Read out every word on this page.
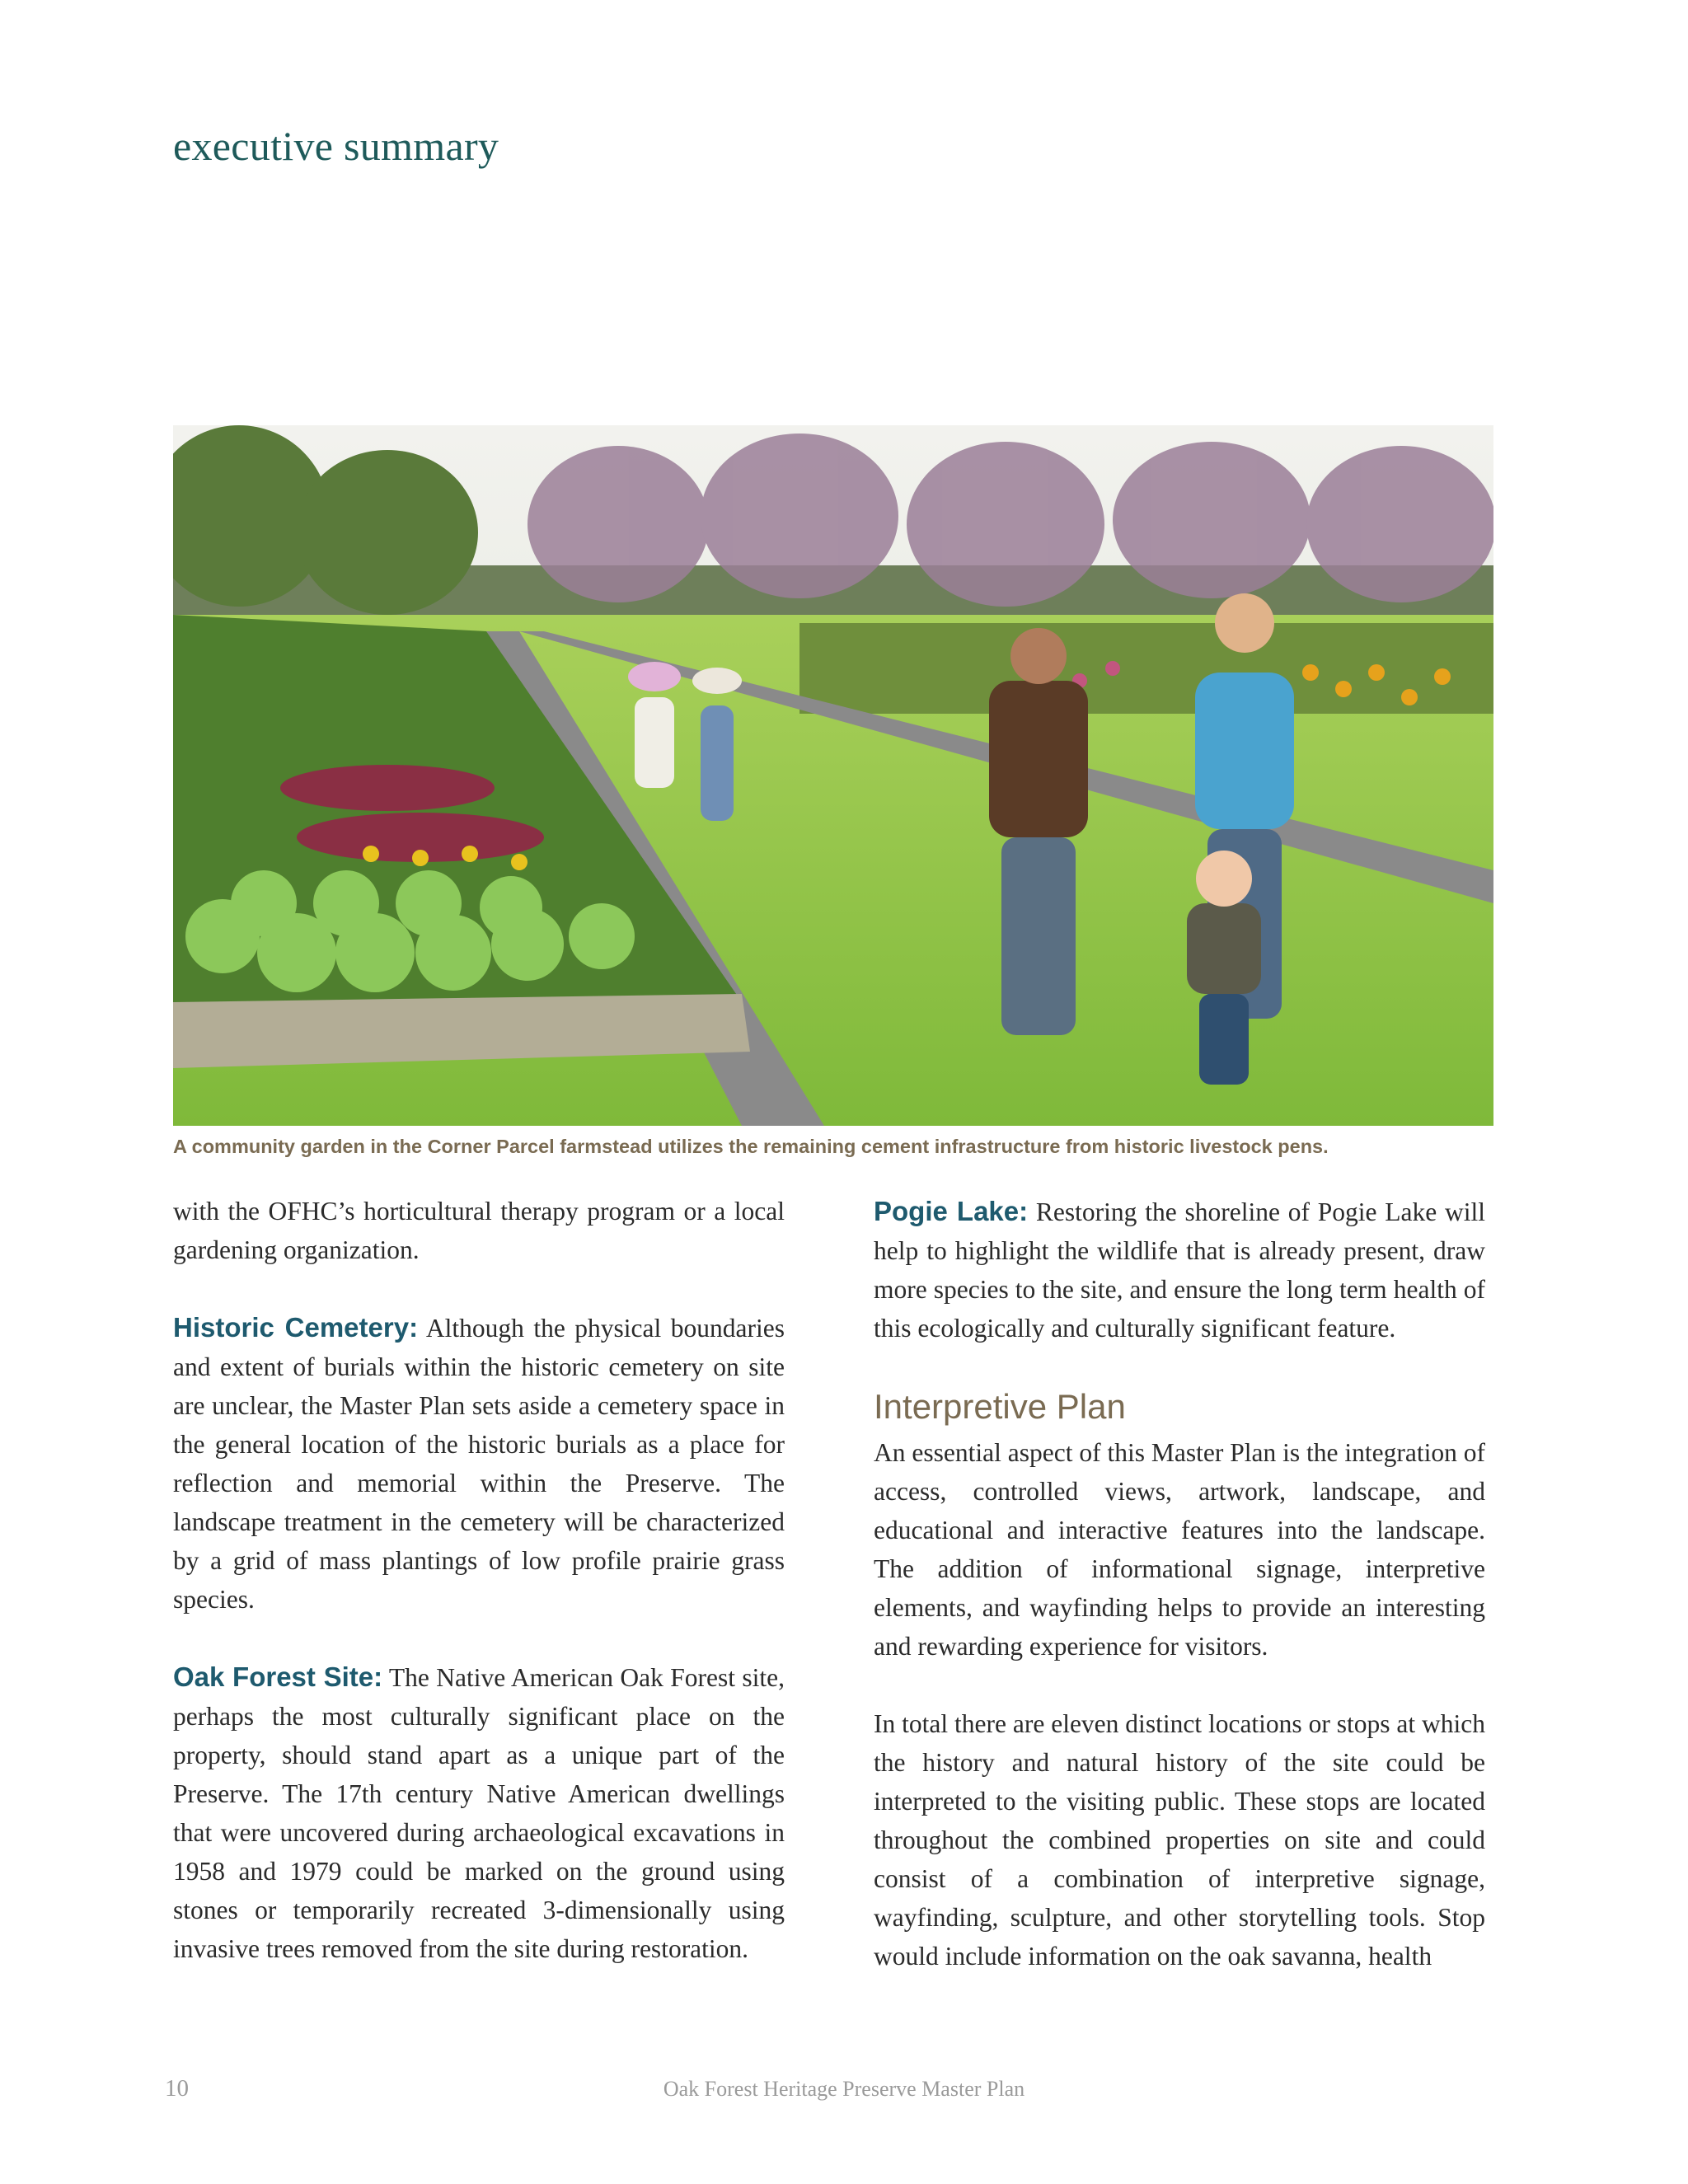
executive summary

A community garden in the Corner Parcel farmstead utilizes the remaining cement infrastructure from historic livestock pens.

with the OFHC’s horticultural therapy program or a local gardening organization.

Historic Cemetery: Although the physical boundaries and extent of burials within the historic cemetery on site are unclear, the Master Plan sets aside a cemetery space in the general location of the historic burials as a place for reflection and memorial within the Preserve. The landscape treatment in the cemetery will be characterized by a grid of mass plantings of low profile prairie grass species.

Oak Forest Site: The Native American Oak Forest site, perhaps the most culturally significant place on the property, should stand apart as a unique part of the Preserve. The 17th century Native American dwellings that were uncovered during archaeological excavations in 1958 and 1979 could be marked on the ground using stones or temporarily recreated 3-dimensionally using invasive trees removed from the site during restoration.

Pogie Lake: Restoring the shoreline of Pogie Lake will help to highlight the wildlife that is already present, draw more species to the site, and ensure the long term health of this ecologically and culturally significant feature.

Interpretive Plan

An essential aspect of this Master Plan is the integration of access, controlled views, artwork, landscape, and educational and interactive features into the landscape. The addition of informational signage, interpretive elements, and wayfinding helps to provide an interesting and rewarding experience for visitors.

In total there are eleven distinct locations or stops at which the history and natural history of the site could be interpreted to the visiting public. These stops are located throughout the combined properties on site and could consist of a combination of interpretive signage, wayfinding, sculpture, and other storytelling tools. Stop would include information on the oak savanna, health

10	Oak Forest Heritage Preserve Master Plan
